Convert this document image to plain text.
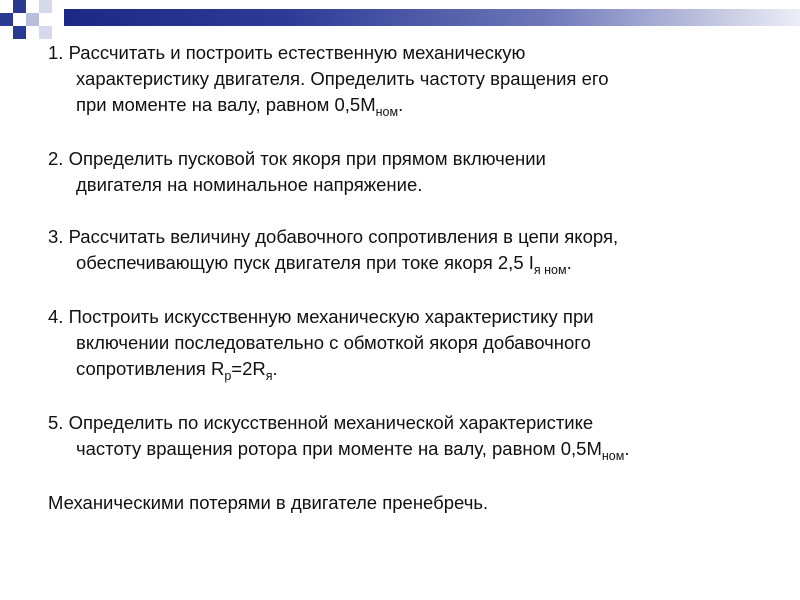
1. Рассчитать и построить естественную механическую
характеристику двигателя. Определить частоту вращения его
при моменте на валу, равном $0,5М_{ном}$.
2. Определить пусковой ток якоря при прямом включении
двигателя на номинальное напряжение.
3. Рассчитать величину добавочного сопротивления в цепи якоря,
обеспечивающую пуск двигателя при токе якоря 2,5 $I_{я ном}$.
4. Построить искусственную механическую характеристику при
включении последовательно с обмоткой якоря добавочного
сопротивления $R_р=2R_я$.
5. Определить по искусственной механической характеристике
частоту вращения ротора при моменте на валу, равном $0,5М_{ном}$.
Механическими потерями в двигателе пренебречь.
